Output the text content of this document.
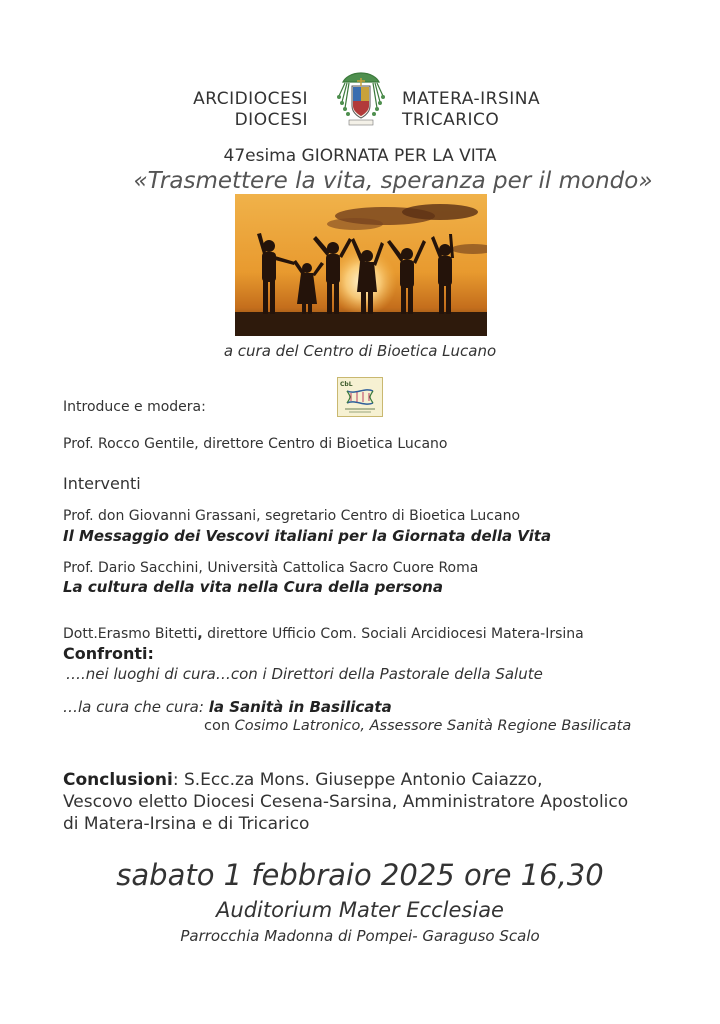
ARCIDIOCESI
DIOCESI
MATERA-IRSINA
TRICARICO
47esima GIORNATA PER LA VITA
«Trasmettere la vita, speranza per il mondo»
a cura del Centro di Bioetica Lucano
CbL
Introduce e modera:
Prof. Rocco Gentile, direttore Centro di Bioetica Lucano
Interventi
Prof. don Giovanni Grassani, segretario Centro di Bioetica Lucano
Il Messaggio dei Vescovi italiani per la Giornata della Vita
Prof. Dario Sacchini, Università Cattolica Sacro Cuore Roma
La cultura della vita nella Cura della persona
Dott.Erasmo Bitetti, direttore Ufficio Com. Sociali Arcidiocesi Matera-Irsina
Confronti:
….nei luoghi di cura…con i Direttori della Pastorale della Salute
…la cura che cura: la Sanità in Basilicata
con Cosimo Latronico, Assessore Sanità Regione Basilicata
Conclusioni: S.Ecc.za Mons. Giuseppe Antonio Caiazzo,
Vescovo eletto Diocesi Cesena-Sarsina, Amministratore Apostolico
di Matera-Irsina e di Tricarico
sabato 1 febbraio 2025 ore 16,30
Auditorium Mater Ecclesiae
Parrocchia Madonna di Pompei- Garaguso Scalo
